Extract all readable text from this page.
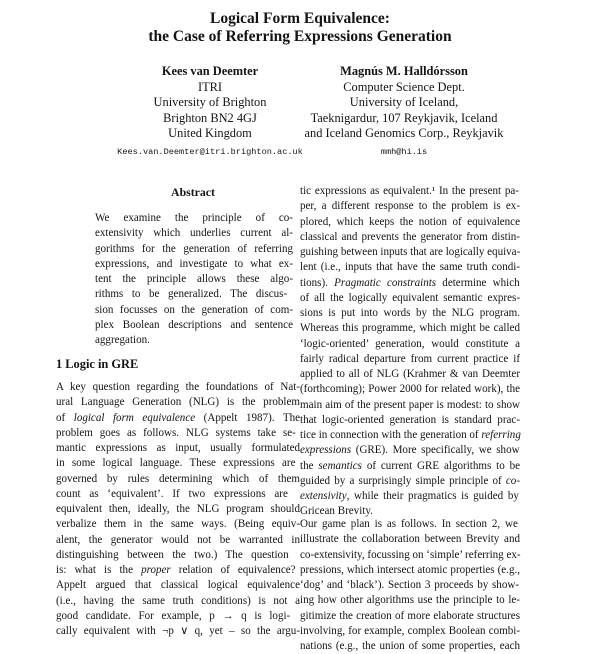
Logical Form Equivalence:
the Case of Referring Expressions Generation
Kees van Deemter
ITRI
University of Brighton
Brighton BN2 4GJ
United Kingdom
Kees.van.Deemter@itri.brighton.ac.uk
Magnús M. Halldórsson
Computer Science Dept.
University of Iceland,
Taeknigardur, 107 Reykjavik, Iceland
and Iceland Genomics Corp., Reykjavik
mmh@hi.is
Abstract
We examine the principle of co-
extensivity which underlies current al-
gorithms for the generation of referring
expressions, and investigate to what ex-
tent the principle allows these algo-
rithms to be generalized. The discus-
sion focusses on the generation of com-
plex Boolean descriptions and sentence
aggregation.
1 Logic in GRE
A key question regarding the foundations of Nat-
ural Language Generation (NLG) is the problem
of logical form equivalence (Appelt 1987). The
problem goes as follows. NLG systems take se-
mantic expressions as input, usually formulated
in some logical language. These expressions are
governed by rules determining which of them
count as ‘equivalent’. If two expressions are
equivalent then, ideally, the NLG program should
verbalize them in the same ways. (Being equiv-
alent, the generator would not be warranted in
distinguishing between the two.) The question
is: what is the proper relation of equivalence?
Appelt argued that classical logical equivalence
(i.e., having the same truth conditions) is not a
good candidate. For example, p → q is logi-
cally equivalent with ¬p ∨ q, yet – so the argu-
tic expressions as equivalent.¹ In the present pa-
per, a different response to the problem is ex-
plored, which keeps the notion of equivalence
classical and prevents the generator from distin-
guishing between inputs that are logically equiva-
lent (i.e., inputs that have the same truth condi-
tions). Pragmatic constraints determine which
of all the logically equivalent semantic expres-
sions is put into words by the NLG program.
Whereas this programme, which might be called
‘logic-oriented’ generation, would constitute a
fairly radical departure from current practice if
applied to all of NLG (Krahmer & van Deemter
(forthcoming); Power 2000 for related work), the
main aim of the present paper is modest: to show
that logic-oriented generation is standard prac-
tice in connection with the generation of referring
expressions (GRE). More specifically, we show
the semantics of current GRE algorithms to be
guided by a surprisingly simple principle of co-
extensivity, while their pragmatics is guided by
Gricean Brevity.
Our game plan is as follows. In section 2, we
illustrate the collaboration between Brevity and
co-extensivity, focussing on ‘simple’ referring ex-
pressions, which intersect atomic properties (e.g.,
‘dog’ and ‘black’). Section 3 proceeds by show-
ing how other algorithms use the principle to le-
gitimize the creation of more elaborate structures
involving, for example, complex Boolean combi-
nations (e.g., the union of some properties, each
